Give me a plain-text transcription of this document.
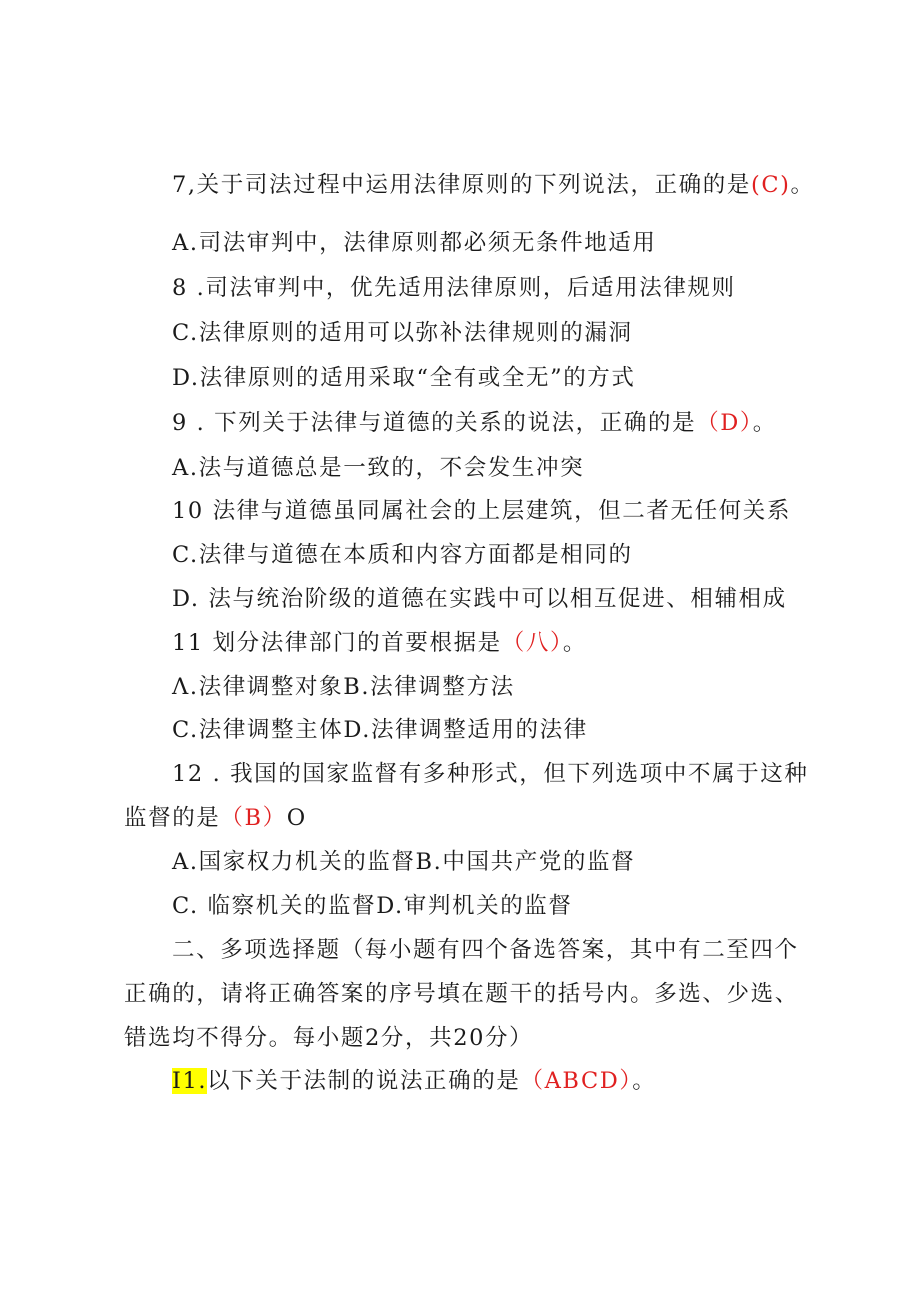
7,关于司法过程中运用法律原则的下列说法，正确的是(C)。
A.司法审判中，法律原则都必须无条件地适用
8 .司法审判中，优先适用法律原则，后适用法律规则
C.法律原则的适用可以弥补法律规则的漏洞
D.法律原则的适用采取“全有或全无”的方式
9 . 下列关于法律与道德的关系的说法，正确的是（D）。
A.法与道德总是一致的，不会发生冲突
10 法律与道德虽同属社会的上层建筑，但二者无任何关系
C.法律与道德在本质和内容方面都是相同的
D. 法与统治阶级的道德在实践中可以相互促进、相辅相成
11 划分法律部门的首要根据是（八）。
Λ.法律调整对象B.法律调整方法
C.法律调整主体D.法律调整适用的法律
12 . 我国的国家监督有多种形式，但下列选项中不属于这种
监督的是（B）O
A.国家权力机关的监督B.中国共产党的监督
C. 临察机关的监督D.审判机关的监督
二、多项选择题（每小题有四个备选答案，其中有二至四个
正确的，请将正确答案的序号填在题干的括号内。多选、少选、
错选均不得分。每小题2分，共20分）
I1.以下关于法制的说法正确的是（ABCD）。
